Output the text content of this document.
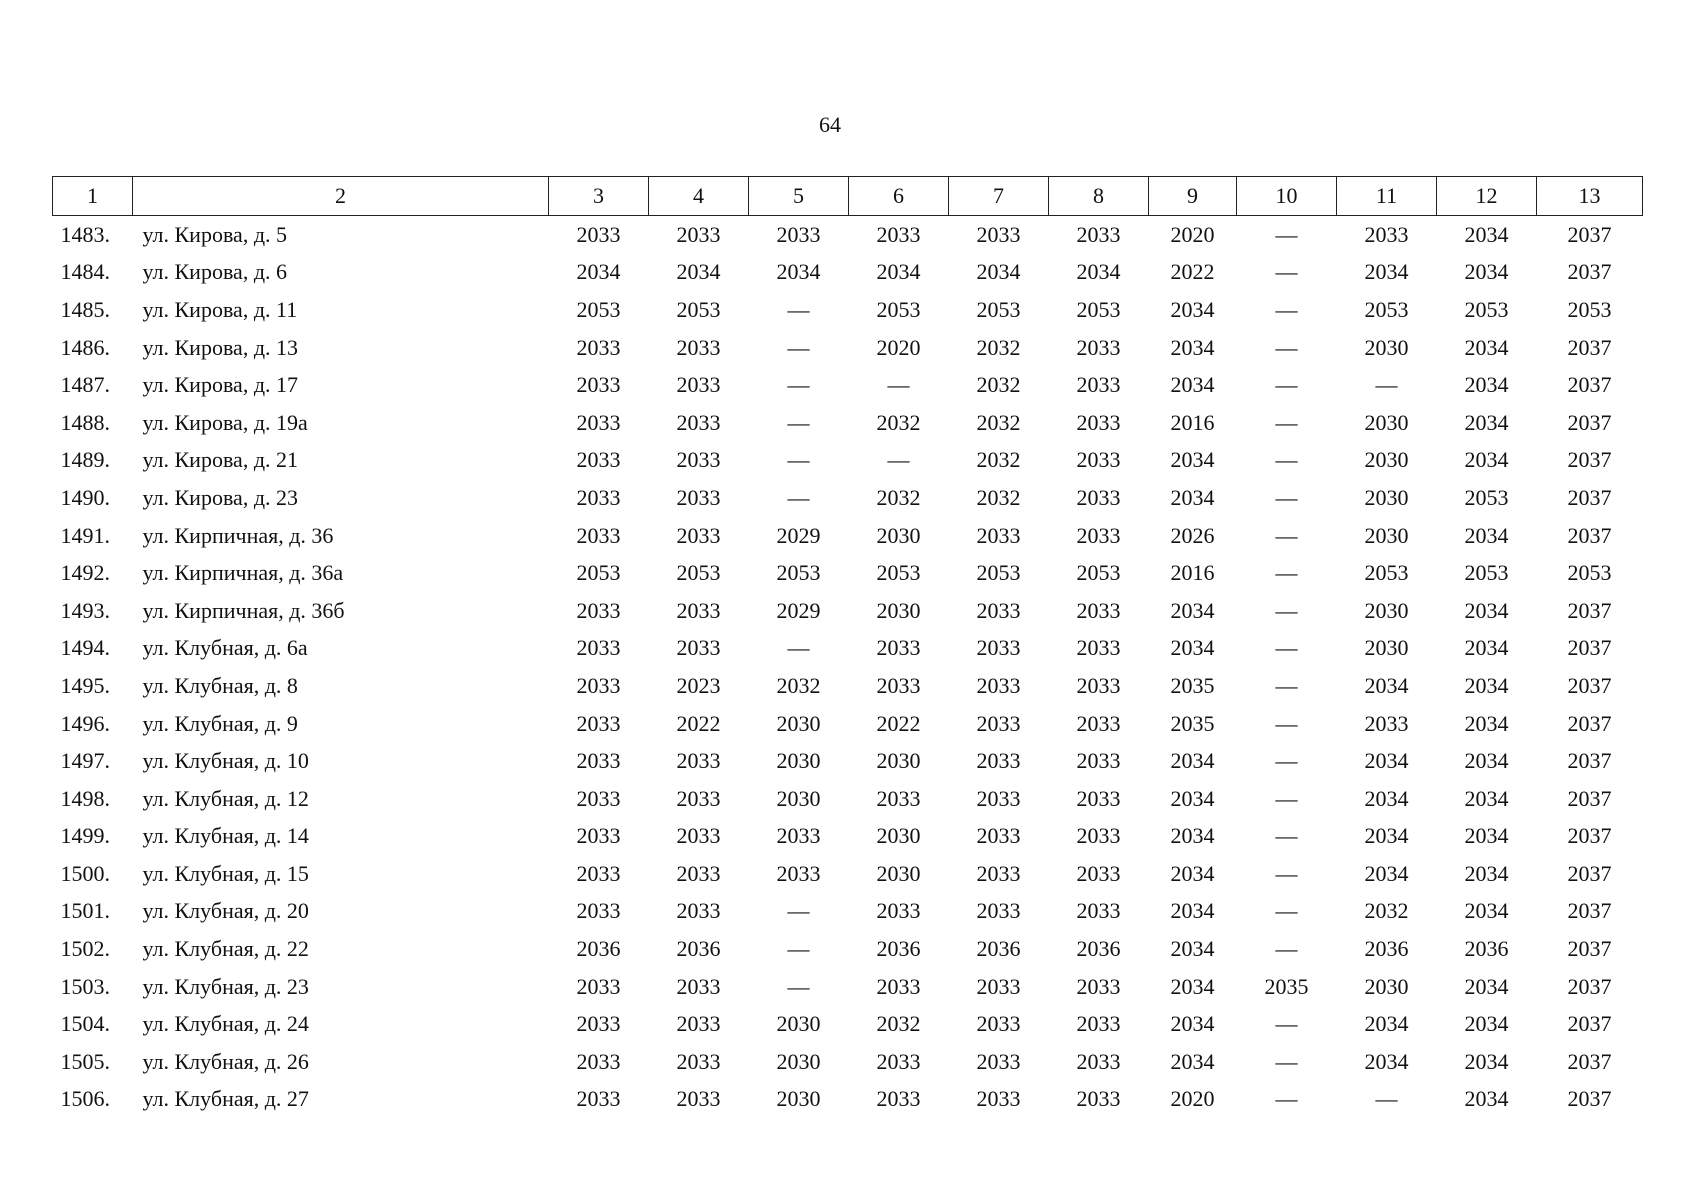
64
1	2	3	4	5	6	7	8	9	10	11	12	13
1483.	ул. Кирова, д. 5	2033	2033	2033	2033	2033	2033	2020	—	2033	2034	2037
1484.	ул. Кирова, д. 6	2034	2034	2034	2034	2034	2034	2022	—	2034	2034	2037
1485.	ул. Кирова, д. 11	2053	2053	—	2053	2053	2053	2034	—	2053	2053	2053
1486.	ул. Кирова, д. 13	2033	2033	—	2020	2032	2033	2034	—	2030	2034	2037
1487.	ул. Кирова, д. 17	2033	2033	—	—	2032	2033	2034	—	—	2034	2037
1488.	ул. Кирова, д. 19а	2033	2033	—	2032	2032	2033	2016	—	2030	2034	2037
1489.	ул. Кирова, д. 21	2033	2033	—	—	2032	2033	2034	—	2030	2034	2037
1490.	ул. Кирова, д. 23	2033	2033	—	2032	2032	2033	2034	—	2030	2053	2037
1491.	ул. Кирпичная, д. 36	2033	2033	2029	2030	2033	2033	2026	—	2030	2034	2037
1492.	ул. Кирпичная, д. 36а	2053	2053	2053	2053	2053	2053	2016	—	2053	2053	2053
1493.	ул. Кирпичная, д. 36б	2033	2033	2029	2030	2033	2033	2034	—	2030	2034	2037
1494.	ул. Клубная, д. 6а	2033	2033	—	2033	2033	2033	2034	—	2030	2034	2037
1495.	ул. Клубная, д. 8	2033	2023	2032	2033	2033	2033	2035	—	2034	2034	2037
1496.	ул. Клубная, д. 9	2033	2022	2030	2022	2033	2033	2035	—	2033	2034	2037
1497.	ул. Клубная, д. 10	2033	2033	2030	2030	2033	2033	2034	—	2034	2034	2037
1498.	ул. Клубная, д. 12	2033	2033	2030	2033	2033	2033	2034	—	2034	2034	2037
1499.	ул. Клубная, д. 14	2033	2033	2033	2030	2033	2033	2034	—	2034	2034	2037
1500.	ул. Клубная, д. 15	2033	2033	2033	2030	2033	2033	2034	—	2034	2034	2037
1501.	ул. Клубная, д. 20	2033	2033	—	2033	2033	2033	2034	—	2032	2034	2037
1502.	ул. Клубная, д. 22	2036	2036	—	2036	2036	2036	2034	—	2036	2036	2037
1503.	ул. Клубная, д. 23	2033	2033	—	2033	2033	2033	2034	2035	2030	2034	2037
1504.	ул. Клубная, д. 24	2033	2033	2030	2032	2033	2033	2034	—	2034	2034	2037
1505.	ул. Клубная, д. 26	2033	2033	2030	2033	2033	2033	2034	—	2034	2034	2037
1506.	ул. Клубная, д. 27	2033	2033	2030	2033	2033	2033	2020	—	—	2034	2037
